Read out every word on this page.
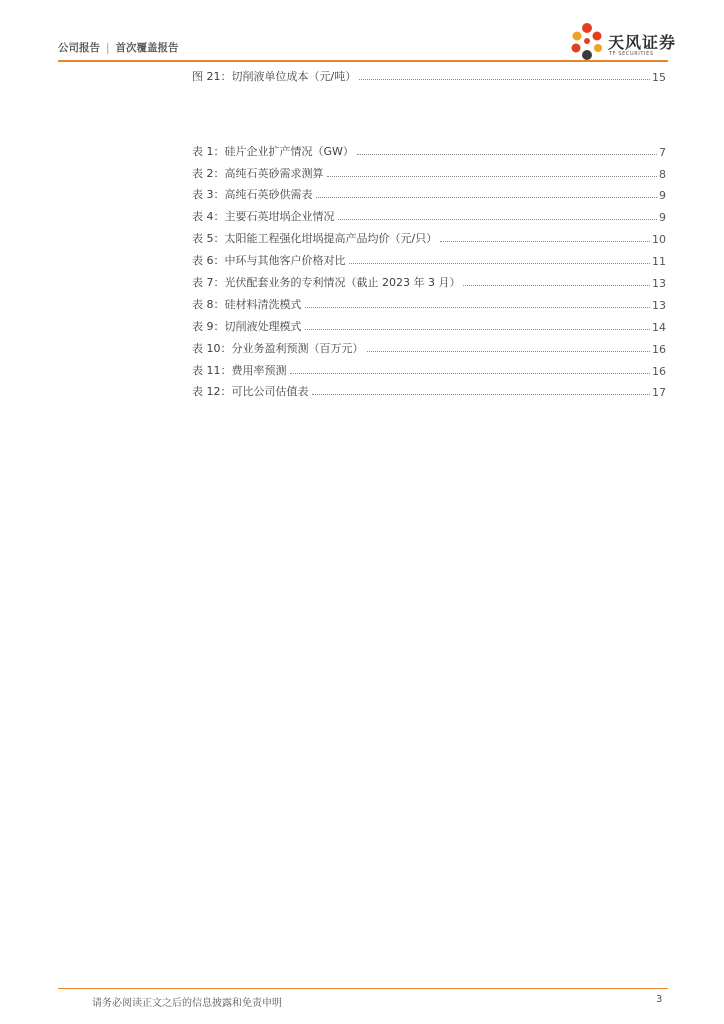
公司报告 | 首次覆盖报告	天风证券
TF SECURITIES
图 21：切削液单位成本（元/吨）	15
表 1：硅片企业扩产情况（GW）	7
表 2：高纯石英砂需求测算	8
表 3：高纯石英砂供需表	9
表 4：主要石英坩埚企业情况	9
表 5：太阳能工程强化坩埚提高产品均价（元/只）	10
表 6：中环与其他客户价格对比	11
表 7：光伏配套业务的专利情况（截止 2023 年 3 月）	13
表 8：硅材料清洗模式	13
表 9：切削液处理模式	14
表 10：分业务盈利预测（百万元）	16
表 11：费用率预测	16
表 12：可比公司估值表	17
请务必阅读正文之后的信息披露和免责申明	3
